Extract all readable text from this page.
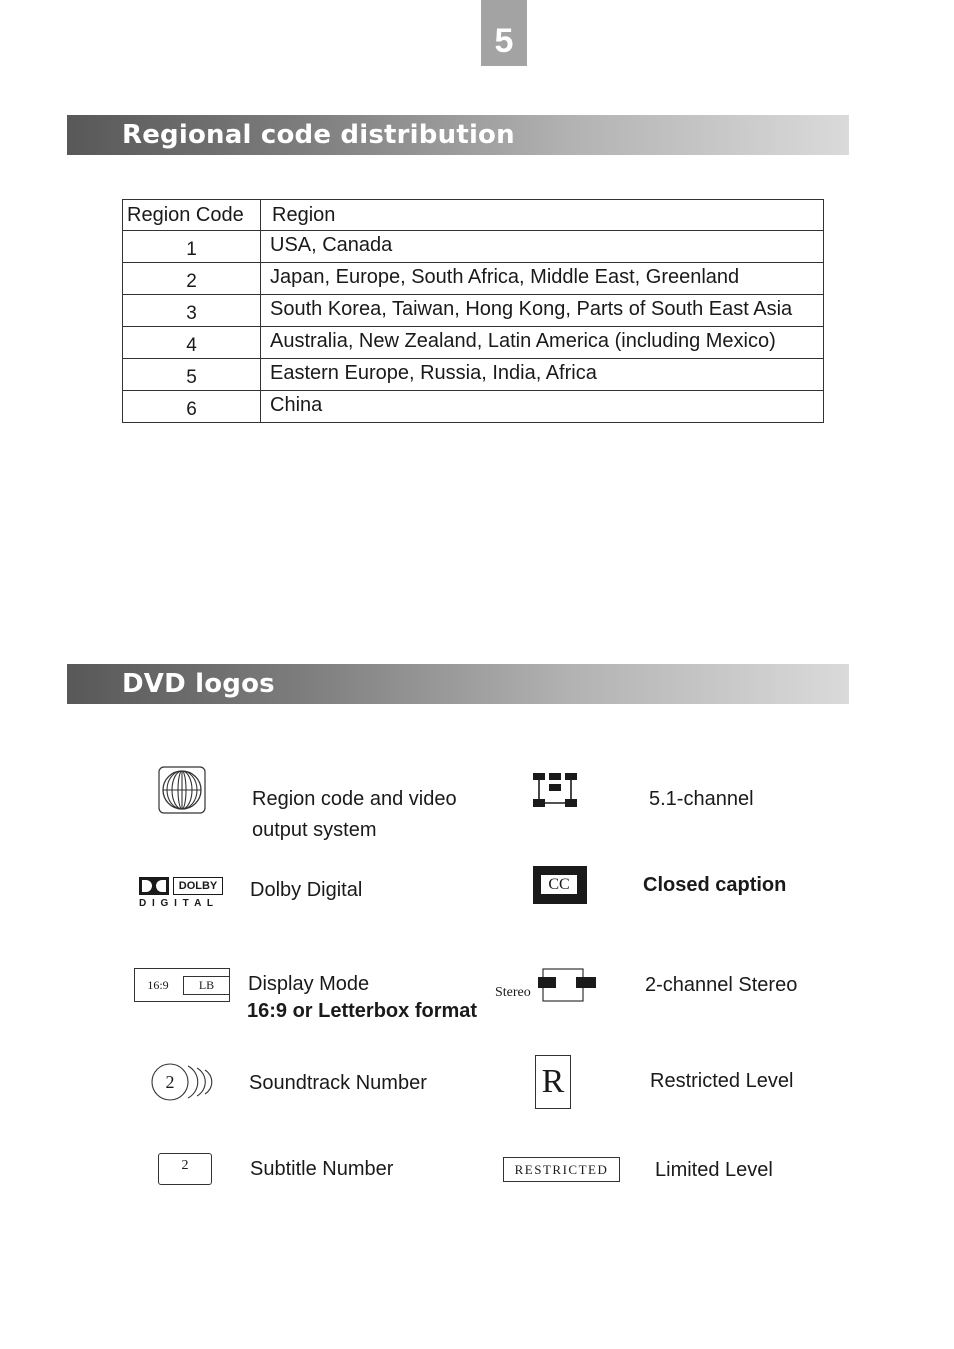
5
Regional code distribution
Region Code	Region
1	USA, Canada
2	Japan, Europe, South Africa, Middle East, Greenland
3	South Korea, Taiwan, Hong Kong, Parts of South East Asia
4	Australia, New Zealand, Latin America (including Mexico)
5	Eastern Europe, Russia, India, Africa
6	China
DVD logos
Region code and video
output system
5.1-channel
DOLBY
D I G I T A L
Dolby Digital	CC	Closed caption
16:9	LB	Display Mode
16:9 or Letterbox format
Stereo	2-channel Stereo
2	Soundtrack Number	R	Restricted Level
2	Subtitle Number	RESTRICTED	Limited Level
